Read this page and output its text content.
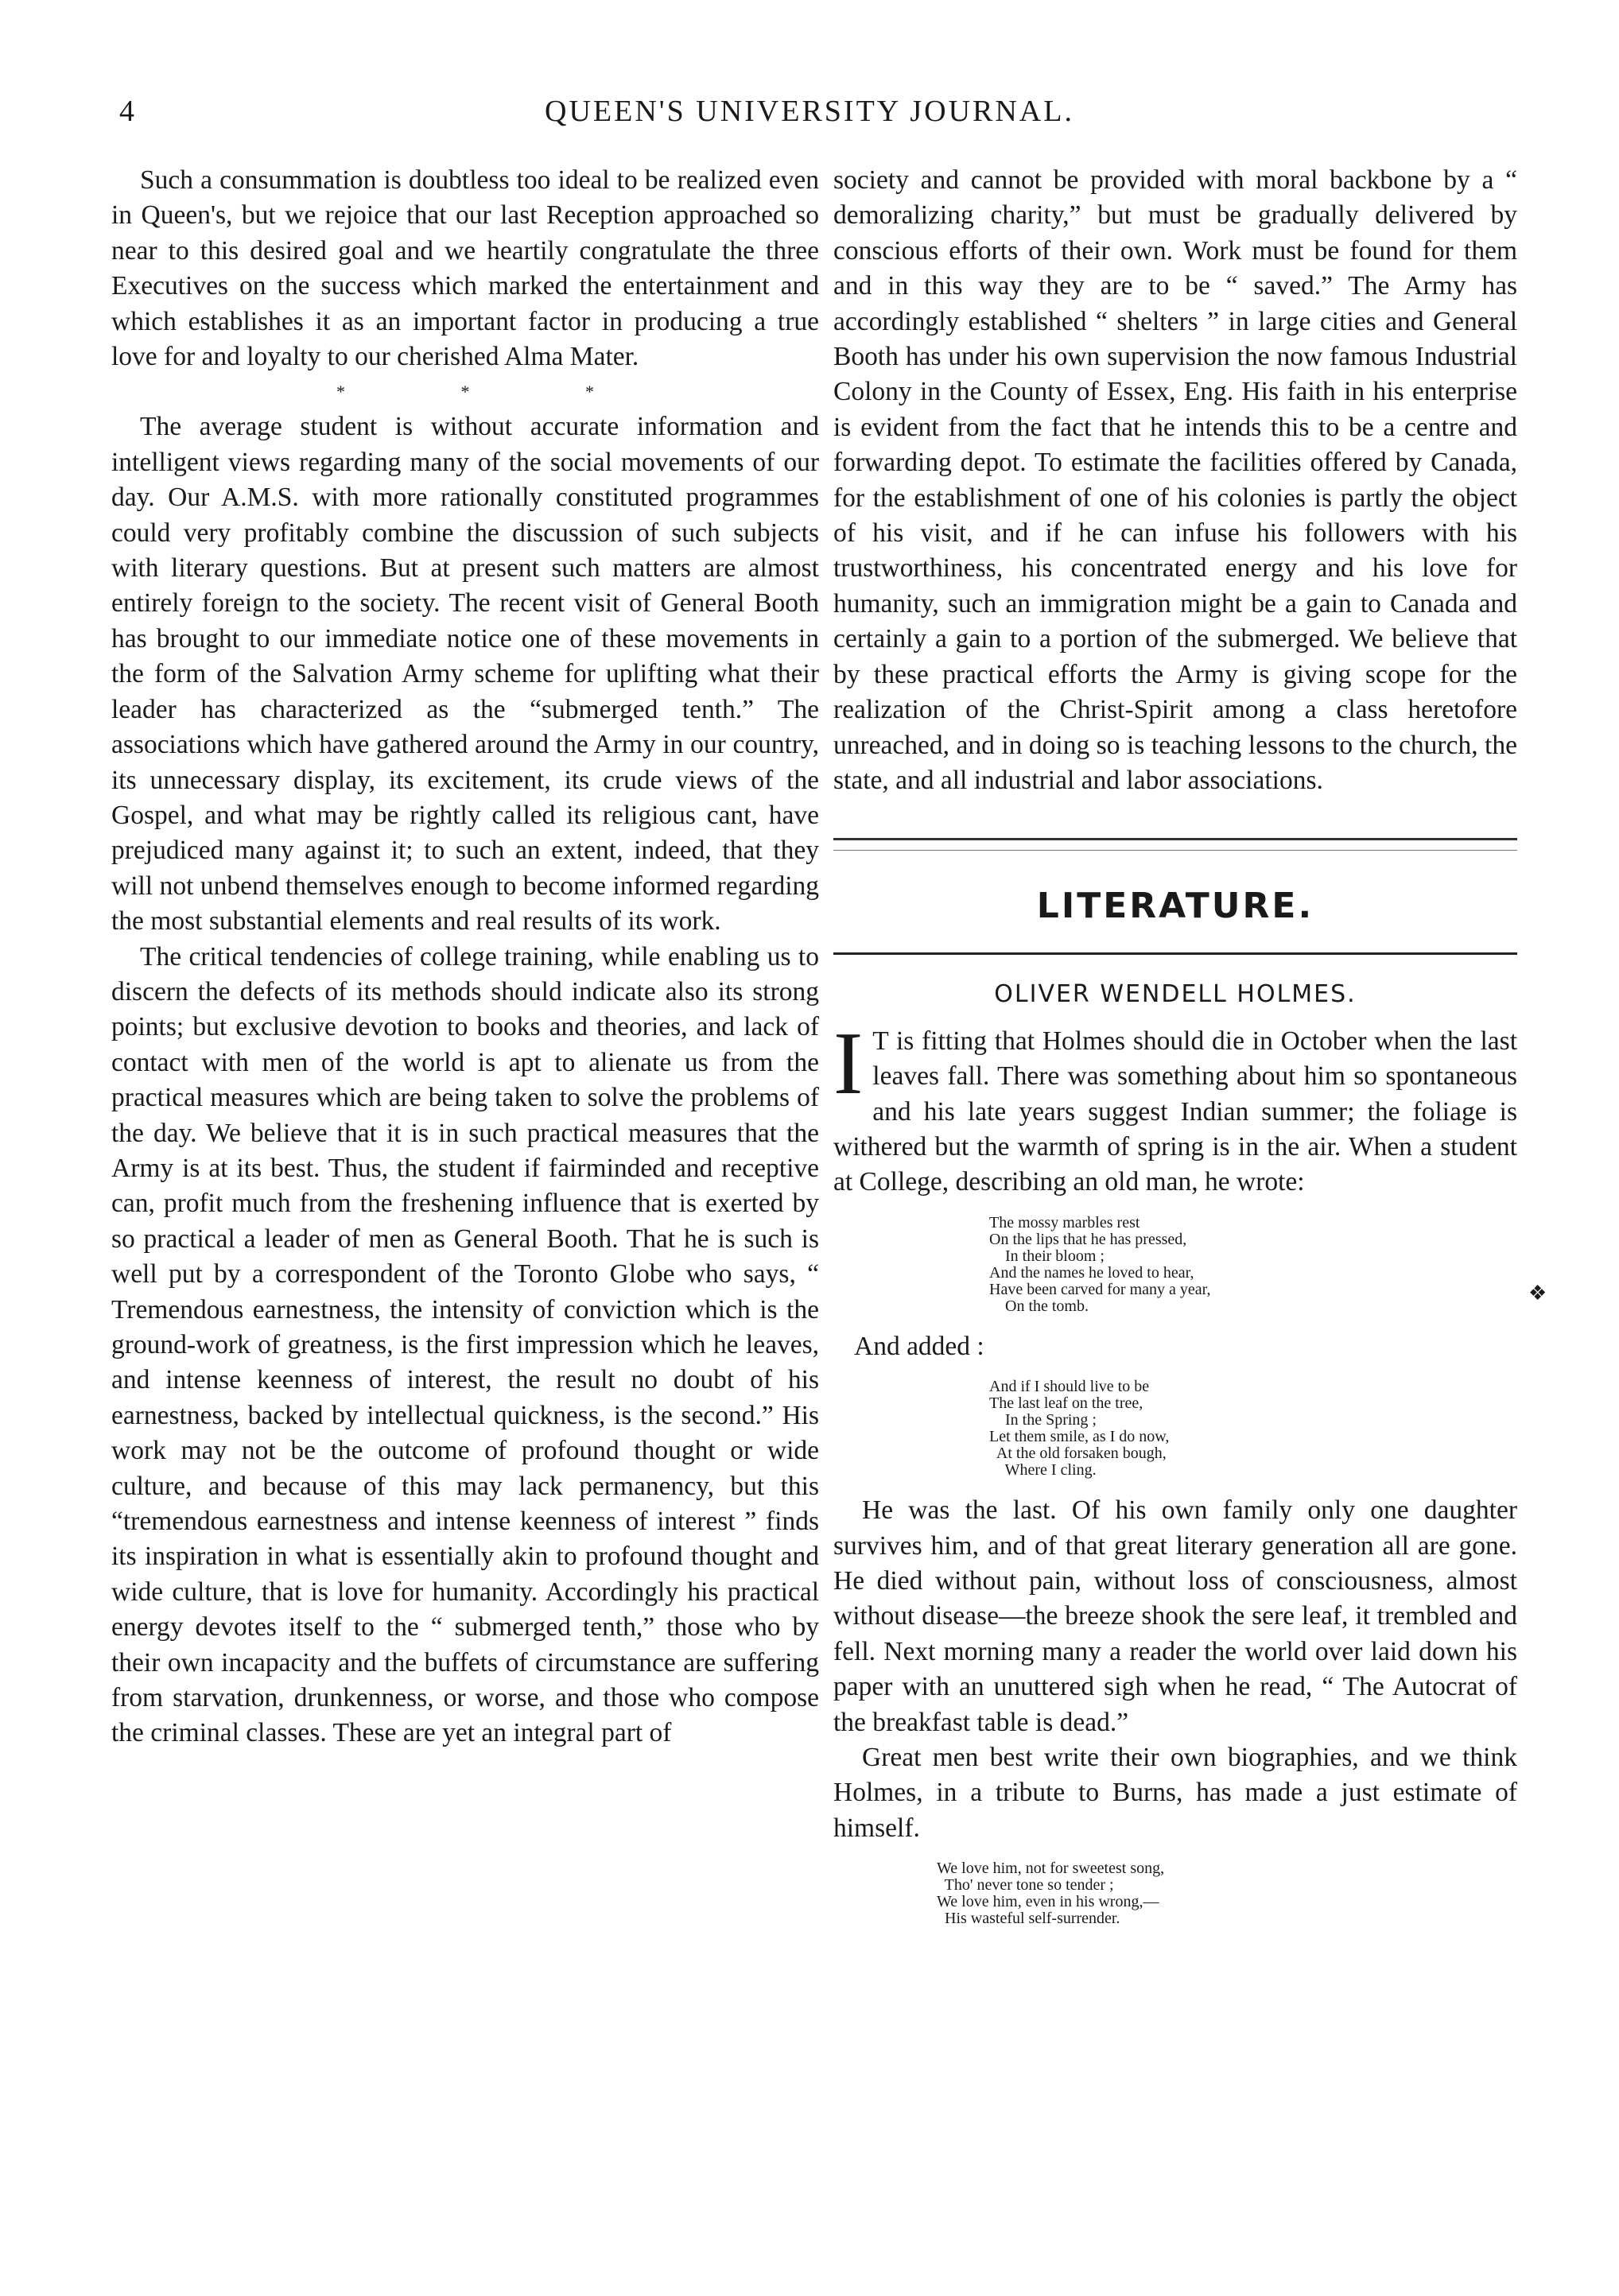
4	QUEEN'S UNIVERSITY JOURNAL.

Such a consummation is doubtless too ideal to be realized even in Queen's, but we rejoice that our last Reception approached so near to this desired goal and we heartily congratulate the three Executives on the success which marked the entertainment and which establishes it as an important factor in producing a true love for and loyalty to our cherished Alma Mater.

* * *

The average student is without accurate information and intelligent views regarding many of the social movements of our day. Our A.M.S. with more rationally constituted programmes could very profitably combine the discussion of such subjects with literary questions. But at present such matters are almost entirely foreign to the society. The recent visit of General Booth has brought to our immediate notice one of these movements in the form of the Salvation Army scheme for uplifting what their leader has characterized as the “submerged tenth.” The associations which have gathered around the Army in our country, its unnecessary display, its excitement, its crude views of the Gospel, and what may be rightly called its religious cant, have prejudiced many against it; to such an extent, indeed, that they will not unbend themselves enough to become informed regarding the most substantial elements and real results of its work.

The critical tendencies of college training, while enabling us to discern the defects of its methods should indicate also its strong points; but exclusive devotion to books and theories, and lack of contact with men of the world is apt to alienate us from the practical measures which are being taken to solve the problems of the day. We believe that it is in such practical measures that the Army is at its best. Thus, the student if fairminded and receptive can, profit much from the freshening influence that is exerted by so practical a leader of men as General Booth. That he is such is well put by a correspondent of the Toronto Globe who says, “ Tremendous earnestness, the intensity of conviction which is the ground-work of greatness, is the first impression which he leaves, and intense keenness of interest, the result no doubt of his earnestness, backed by intellectual quickness, is the second.” His work may not be the outcome of profound thought or wide culture, and because of this may lack permanency, but this “tremendous earnestness and intense keenness of interest ” finds its inspiration in what is essentially akin to profound thought and wide culture, that is love for humanity. Accordingly his practical energy devotes itself to the “ submerged tenth,” those who by their own incapacity and the buffets of circumstance are suffering from starvation, drunkenness, or worse, and those who compose the criminal classes. These are yet an integral part of

society and cannot be provided with moral backbone by a “ demoralizing charity,” but must be gradually delivered by conscious efforts of their own. Work must be found for them and in this way they are to be “ saved.” The Army has accordingly established “ shelters ” in large cities and General Booth has under his own supervision the now famous Industrial Colony in the County of Essex, Eng. His faith in his enterprise is evident from the fact that he intends this to be a centre and forwarding depot. To estimate the facilities offered by Canada, for the establishment of one of his colonies is partly the object of his visit, and if he can infuse his followers with his trustworthiness, his concentrated energy and his love for humanity, such an immigration might be a gain to Canada and certainly a gain to a portion of the submerged. We believe that by these practical efforts the Army is giving scope for the realization of the Christ-Spirit among a class heretofore unreached, and in doing so is teaching lessons to the church, the state, and all industrial and labor associations.

LITERATURE.
OLIVER WENDELL HOLMES.

I T is fitting that Holmes should die in October when the last leaves fall. There was something about him so spontaneous and his late years suggest Indian summer; the foliage is withered but the warmth of spring is in the air. When a student at College, describing an old man, he wrote:

The mossy marbles rest
On the lips that he has pressed,
In their bloom ;
And the names he loved to hear,
Have been carved for many a year,
On the tomb.

And added :

And if I should live to be
The last leaf on the tree,
In the Spring ;
Let them smile, as I do now,
At the old forsaken bough,
Where I cling.

He was the last. Of his own family only one daughter survives him, and of that great literary generation all are gone. He died without pain, without loss of consciousness, almost without disease—the breeze shook the sere leaf, it trembled and fell. Next morning many a reader the world over laid down his paper with an unuttered sigh when he read, “ The Autocrat of the breakfast table is dead.”

Great men best write their own biographies, and we think Holmes, in a tribute to Burns, has made a just estimate of himself.

We love him, not for sweetest song,
Tho' never tone so tender ;
We love him, even in his wrong,—
His wasteful self-surrender.
❖
